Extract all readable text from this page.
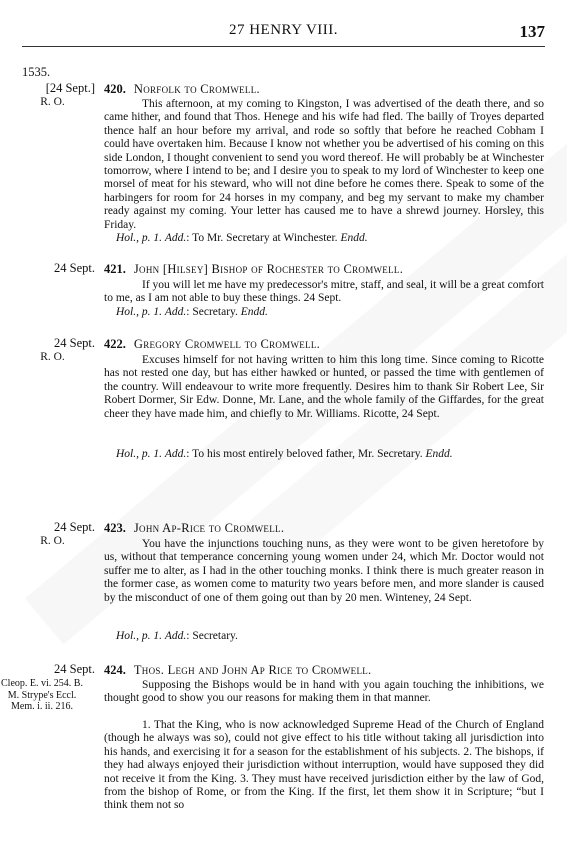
27 HENRY VIII.	137
1535.
[24 Sept.]
R. O.
420. Norfolk to Cromwell.
This afternoon, at my coming to Kingston, I was advertised of the death there, and so came hither, and found that Thos. Henege and his wife had fled. The bailly of Troyes departed thence half an hour before my arrival, and rode so softly that before he reached Cobham I could have overtaken him. Because I know not whether you be advertised of his coming on this side London, I thought convenient to send you word thereof. He will probably be at Winchester tomorrow, where I intend to be; and I desire you to speak to my lord of Winchester to keep one morsel of meat for his steward, who will not dine before he comes there. Speak to some of the harbingers for room for 24 horses in my company, and beg my servant to make my chamber ready against my coming. Your letter has caused me to have a shrewd journey. Horsley, this Friday.
Hol., p. 1. Add.: To Mr. Secretary at Winchester. Endd.
24 Sept. 421. John [Hilsey] Bishop of Rochester to Cromwell.
If you will let me have my predecessor's mitre, staff, and seal, it will be a great comfort to me, as I am not able to buy these things. 24 Sept.
Hol., p. 1. Add.: Secretary. Endd.
24 Sept.
R. O.
422. Gregory Cromwell to Cromwell.
Excuses himself for not having written to him this long time. Since coming to Ricotte has not rested one day, but has either hawked or hunted, or passed the time with gentlemen of the country. Will endeavour to write more frequently. Desires him to thank Sir Robert Lee, Sir Robert Dormer, Sir Edw. Donne, Mr. Lane, and the whole family of the Giffardes, for the great cheer they have made him, and chiefly to Mr. Williams. Ricotte, 24 Sept.
Hol., p. 1. Add.: To his most entirely beloved father, Mr. Secretary. Endd.
24 Sept.
R. O.
423. John Ap-Rice to Cromwell.
You have the injunctions touching nuns, as they were wont to be given heretofore by us, without that temperance concerning young women under 24, which Mr. Doctor would not suffer me to alter, as I had in the other touching monks. I think there is much greater reason in the former case, as women come to maturity two years before men, and more slander is caused by the misconduct of one of them going out than by 20 men. Winteney, 24 Sept.
Hol., p. 1. Add.: Secretary.
24 Sept.
Cleop. E. vi. 254. B. M. Strype's Eccl. Mem. i. ii. 216.
424. Thos. Legh and John Ap Rice to Cromwell.
Supposing the Bishops would be in hand with you again touching the inhibitions, we thought good to show you our reasons for making them in that manner.
1. That the King, who is now acknowledged Supreme Head of the Church of England (though he always was so), could not give effect to his title without taking all jurisdiction into his hands, and exercising it for a season for the establishment of his subjects. 2. The bishops, if they had always enjoyed their jurisdiction without interruption, would have supposed they did not receive it from the King. 3. They must have received jurisdiction either by the law of God, from the bishop of Rome, or from the King. If the first, let them show it in Scripture; “but I think them not so
